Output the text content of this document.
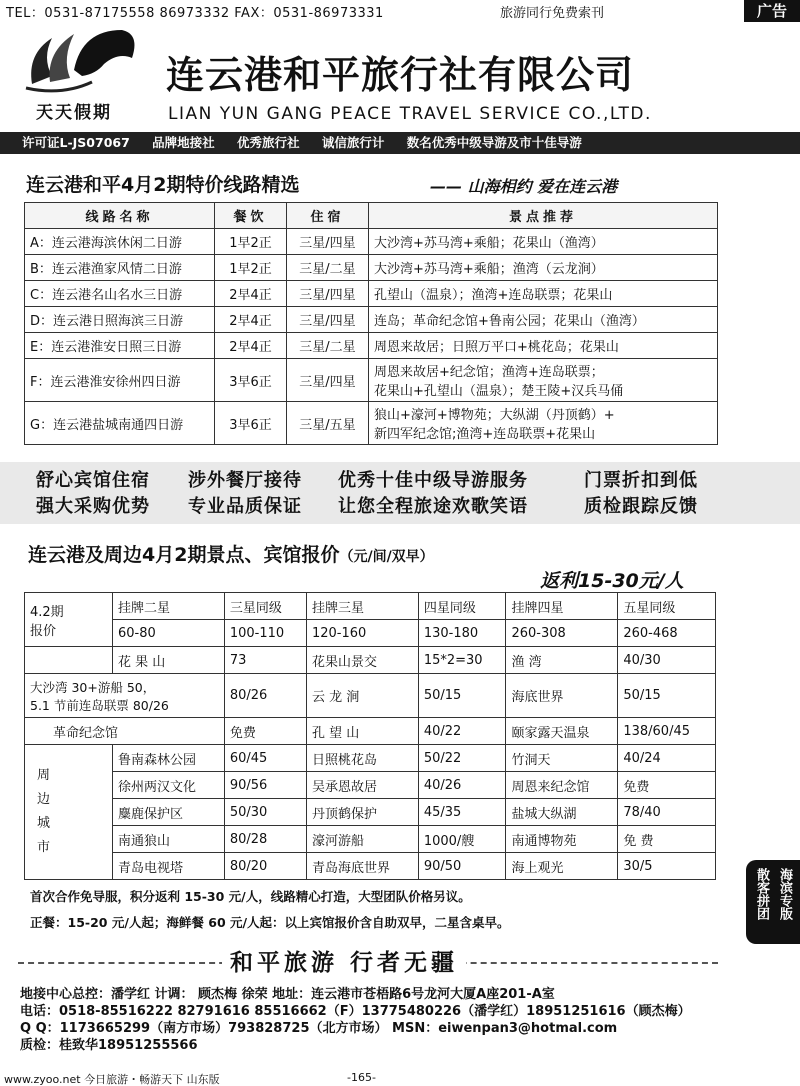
TEL：0531-87175558 86973332 FAX：0531-86973331	旅游同行免费索刊	广告
天天假期
连云港和平旅行社有限公司
LIAN YUN GANG PEACE TRAVEL SERVICE CO.,LTD.
许可证L-JS07067 品牌地接社 优秀旅行社 诚信旅行计 数名优秀中级导游及市十佳导游
连云港和平4月2期特价线路精选	—— 山海相约 爱在连云港
线路名称	餐饮	住宿	景点推荐
A：连云港海滨休闲二日游	1早2正	三星/四星	大沙湾+苏马湾+乘船；花果山（渔湾）
B：连云港渔家风情二日游	1早2正	三星/二星	大沙湾+苏马湾+乘船；渔湾（云龙涧）
C：连云港名山名水三日游	2早4正	三星/四星	孔望山（温泉）；渔湾+连岛联票；花果山
D：连云港日照海滨三日游	2早4正	三星/四星	连岛；革命纪念馆+鲁南公园；花果山（渔湾）
E：连云港淮安日照三日游	2早4正	三星/二星	周恩来故居；日照万平口+桃花岛；花果山
F：连云港淮安徐州四日游	3早6正	三星/四星	周恩来故居+纪念馆；渔湾+连岛联票；
花果山+孔望山（温泉）；楚王陵+汉兵马俑

G：连云港盐城南通四日游	3早6正	三星/五星	狼山+濠河+博物苑；大纵湖（丹顶鹤）+
新四军纪念馆;渔湾+连岛联票+花果山
舒心宾馆住宿 涉外餐厅接待 优秀十佳中级导游服务	门票折扣到低
强大采购优势 专业品质保证 让您全程旅途欢歌笑语	质检跟踪反馈
连云港及周边4月2期景点、宾馆报价（元/间/双早）
返利15-30元/人
4.2期
报价	挂牌二星	三星同级	挂牌三星	四星同级	挂牌四星	五星同级
	60-80	100-110	120-160	130-180	260-308	260-468
	花 果 山	73	花果山景交	15*2=30	渔 湾	40/30

大沙湾 30+游船 50，
5.1 节前连岛联票 80/26		80/26	云 龙 涧	50/15	海底世界	50/15
革命纪念馆		免费	孔 望 山	40/22	颐家露天温泉	138/60/45

周
边
城
市	鲁南森林公园	60/45	日照桃花岛	50/22	竹洞天	40/24
	徐州两汉文化	90/56	吴承恩故居	40/26	周恩来纪念馆	免费
	麋鹿保护区	50/30	丹顶鹤保护	45/35	盐城大纵湖	78/40
	南通狼山	80/28	濠河游船	1000/艘	南通博物苑	免 费
	青岛电视塔	80/20	青岛海底世界	90/50	海上观光	30/5
首次合作免导服，积分返利 15-30 元/人，线路精心打造，大型团队价格另议。
正餐：15-20 元/人起；海鲜餐 60 元/人起：以上宾馆报价含自助双早，二星含桌早。
散客拼团 海滨专版
和平旅游 行者无疆
地接中心总控：潘学红 计调： 顾杰梅 徐荣 地址：连云港市苍梧路6号龙河大厦A座201-A室
电话：0518-85516222 82791616 85516662（F）13775480226（潘学红）18951251616（顾杰梅）
Q Q：1173665299（南方市场）793828725（北方市场） MSN：eiwenpan3@hotmal.com
质检：桂致华18951255566
www.zyoo.net 今日旅游・畅游天下 山东版	-165-
